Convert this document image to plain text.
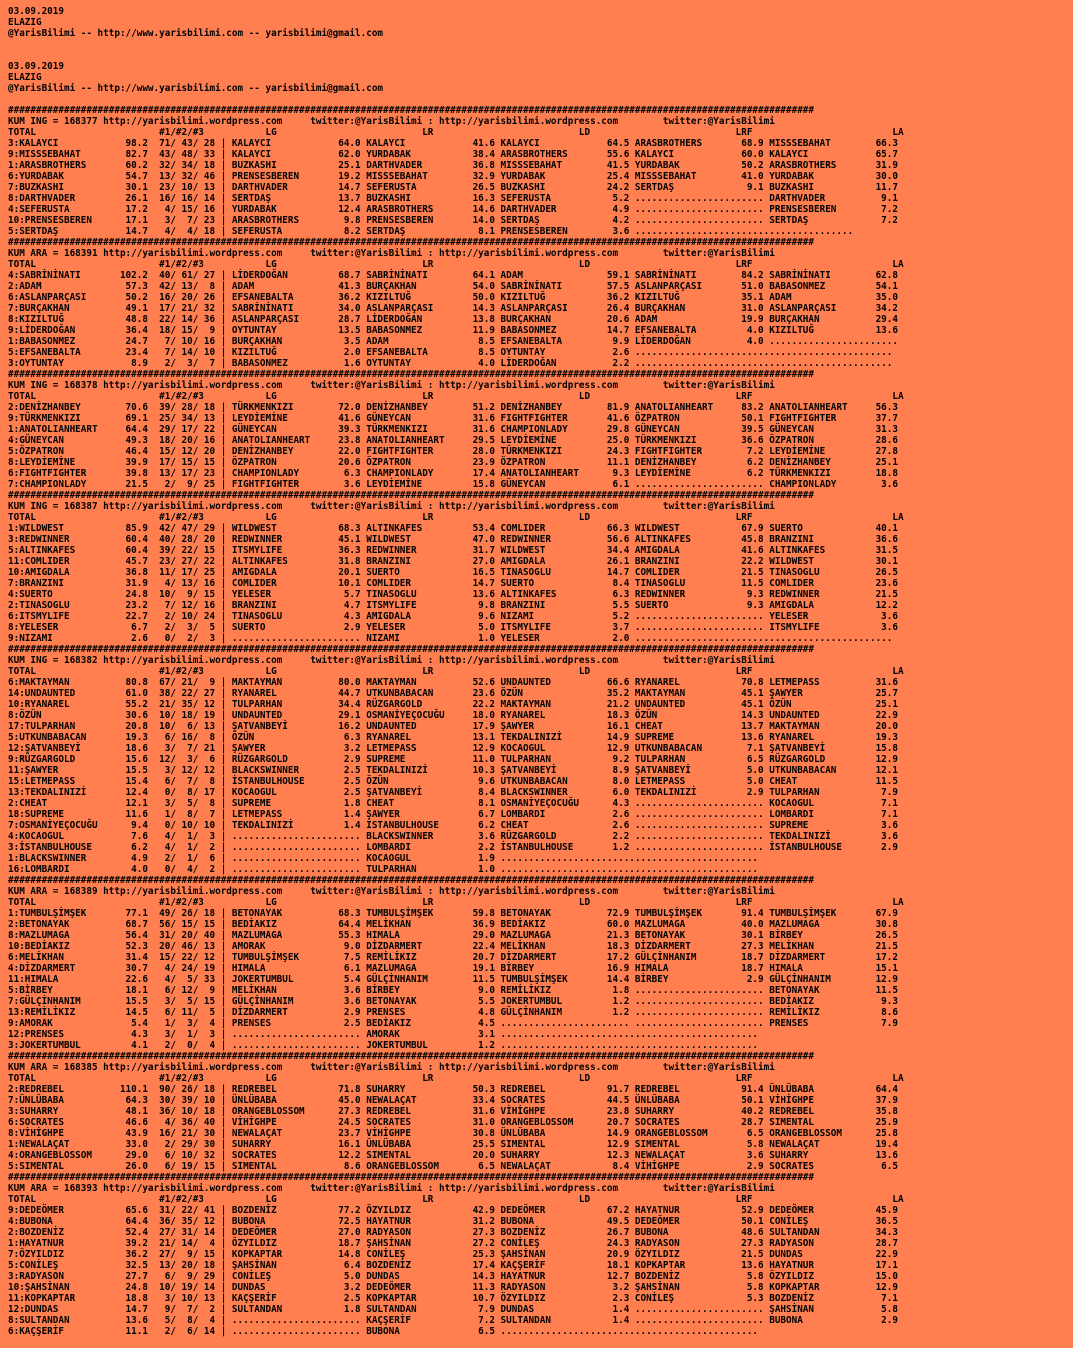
03.09.2019
ELAZIG
@YarisBilimi -- http://www.yarisbilimi.com -- yarisbilimi@gmail.com

03.09.2019
ELAZIG
@YarisBilimi -- http://www.yarisbilimi.com -- yarisbilimi@gmail.com

################################################################################################################################################
KUM ING = 168377 http://yarisbilimi.wordpress.com     twitter:@YarisBilimi : http://yarisbilimi.wordpress.com        twitter:@YarisBilimi
TOTAL                      #1/#2/#3           LG                          LR                          LD                          LRF                         LA
3:KALAYCI            98.2  71/ 43/ 28 | KALAYCI            64.0 KALAYCI            41.6 KALAYCI            64.5 ARASBROTHERS       68.9 MISSSEBAHAT        66.3
9:MISSSEBAHAT        82.7  43/ 48/ 33 | KALAYCI            62.0 YURDABAK           38.4 ARASBROTHERS       55.6 KALAYCI            60.0 KALAYCI            65.7
1:ARASBROTHERS       60.2  32/ 34/ 18 | BUZKASHI           25.1 DARTHVADER         36.8 MISSSEBAHAT        41.5 YURDABAK           50.2 ARASBROTHERS       31.9
6:YURDABAK           54.7  13/ 32/ 46 | PRENSESBEREN       19.2 MISSSEBAHAT        32.9 YURDABAK           25.4 MISSSEBAHAT        41.0 YURDABAK           30.0
7:BUZKASHI           30.1  23/ 10/ 13 | DARTHVADER         14.7 SEFERUSTA          26.5 BUZKASHI           24.2 SERTDAŞ             9.1 BUZKASHI           11.7
8:DARTHVADER         26.1  16/ 16/ 14 | SERTDAŞ            13.7 BUZKASHI           16.3 SEFERUSTA           5.2 ....................... DARTHVADER          9.1
4:SEFERUSTA          17.2   4/ 15/ 16 | YURDABAK           12.4 ARASBROTHERS       14.6 DARTHVADER          4.9 ....................... PRENSESBEREN        7.2
10:PRENSESBEREN      17.1   3/  7/ 23 | ARASBROTHERS        9.8 PRENSESBEREN       14.0 SERTDAŞ             4.2 ....................... SERTDAŞ             7.2
5:SERTDAŞ            14.7   4/  4/ 18 | SEFERUSTA           8.2 SERTDAŞ             8.1 PRENSESBEREN        3.6 .......................................
################################################################################################################################################
KUM ARA = 168391 http://yarisbilimi.wordpress.com     twitter:@YarisBilimi : http://yarisbilimi.wordpress.com        twitter:@YarisBilimi
TOTAL                      #1/#2/#3           LG                          LR                          LD                          LRF                         LA
4:SABRİNİNATI       102.2  40/ 61/ 27 | LİDERDOĞAN         68.7 SABRİNİNATI        64.1 ADAM               59.1 SABRİNİNATI        84.2 SABRİNİNATI        62.8
2:ADAM               57.3  42/ 13/  8 | ADAM               41.3 BURÇAKHAN          54.0 SABRİNİNATI        57.5 ASLANPARÇASI       51.0 BABASONMEZ         54.1
6:ASLANPARÇASI       50.2  16/ 20/ 26 | EFSANEBALTA        36.2 KIZILTUĞ           50.0 KIZILTUĞ           36.2 KIZILTUĞ           35.1 ADAM               35.0
7:BURÇAKHAN          49.1  17/ 21/ 32 | SABRİNİNATI        34.0 ASLANPARÇASI       14.3 ASLANPARÇASI       26.4 BURÇAKHAN          31.0 ASLANPARÇASI       34.2
8:KIZILTUĞ           48.8  22/ 14/ 36 | ASLANPARÇASI       28.7 LİDERDOĞAN         13.8 BURÇAKHAN          20.6 ADAM               19.9 BURÇAKHAN          29.4
9:LİDERDOĞAN         36.4  18/ 15/  9 | OYTUNTAY           13.5 BABASONMEZ         11.9 BABASONMEZ         14.7 EFSANEBALTA         4.0 KIZILTUĞ           13.6
1:BABASONMEZ         24.7   7/ 10/ 16 | BURÇAKHAN           3.5 ADAM                8.5 EFSANEBALTA         9.9 LİDERDOĞAN          4.0 .......................
5:EFSANEBALTA        23.4   7/ 14/ 10 | KIZILTUĞ            2.0 EFSANEBALTA         8.5 OYTUNTAY            2.6 ..............................................
3:OYTUNTAY            8.9   2/  3/  7 | BABASONMEZ          1.6 OYTUNTAY            4.0 LİDERDOĞAN          2.2 ..............................................
################################################################################################################################################
KUM ING = 168378 http://yarisbilimi.wordpress.com     twitter:@YarisBilimi : http://yarisbilimi.wordpress.com        twitter:@YarisBilimi
TOTAL                      #1/#2/#3           LG                          LR                          LD                          LRF                         LA
2:DENİZHANBEY        70.6  39/ 28/ 18 | TÜRKMENKIZI        72.0 DENİZHANBEY        51.2 DENİZHANBEY        81.9 ANATOLIANHEART     83.2 ANATOLIANHEART     56.3
9:TÜRKMENKIZI        69.1  25/ 34/ 13 | LEYDİEMİNE         41.6 GÜNEYCAN           31.6 FIGHTFIGHTER       41.6 ÖZPATRON           50.1 FIGHTFIGHTER       37.7
1:ANATOLIANHEART     64.4  29/ 17/ 22 | GÜNEYCAN           39.3 TÜRKMENKIZI        31.6 CHAMPIONLADY       29.8 GÜNEYCAN           39.5 GÜNEYCAN           31.3
4:GÜNEYCAN           49.3  18/ 20/ 16 | ANATOLIANHEART     23.8 ANATOLIANHEART     29.5 LEYDİEMİNE         25.0 TÜRKMENKIZI        36.6 ÖZPATRON           28.6
5:ÖZPATRON           46.4  15/ 12/ 20 | DENİZHANBEY        22.0 FIGHTFIGHTER       28.0 TÜRKMENKIZI        24.3 FIGHTFIGHTER        7.2 LEYDİEMİNE         27.8
8:LEYDİEMİNE         39.9  17/ 15/ 15 | ÖZPATRON           20.6 ÖZPATRON           23.9 ÖZPATRON           11.1 DENİZHANBEY         6.2 DENİZHANBEY        25.1
6:FIGHTFIGHTER       39.8  13/ 17/ 23 | CHAMPIONLADY        6.3 CHAMPIONLADY       17.4 ANATOLIANHEART      9.3 LEYDİEMİNE          6.2 TÜRKMENKIZI        18.8
7:CHAMPIONLADY       21.5   2/  9/ 25 | FIGHTFIGHTER        3.6 LEYDİEMİNE         15.8 GÜNEYCAN            6.1 ....................... CHAMPIONLADY        3.6
################################################################################################################################################
KUM ING = 168387 http://yarisbilimi.wordpress.com     twitter:@YarisBilimi : http://yarisbilimi.wordpress.com        twitter:@YarisBilimi
TOTAL                      #1/#2/#3           LG                          LR                          LD                          LRF                         LA
1:WILDWEST           85.9  42/ 47/ 29 | WILDWEST           68.3 ALTINKAFES         53.4 COMLIDER           66.3 WILDWEST           67.9 SUERTO             40.1
3:REDWINNER          60.4  40/ 28/ 20 | REDWINNER          45.1 WILDWEST           47.0 REDWINNER          56.6 ALTINKAFES         45.8 BRANZINI           36.6
5:ALTINKAFES         60.4  39/ 22/ 15 | ITSMYLIFE          36.3 REDWINNER          31.7 WILDWEST           34.4 AMIGDALA           41.6 ALTINKAFES         31.5
11:COMLIDER          45.7  23/ 27/ 22 | ALTINKAFES         31.8 BRANZINI           27.0 AMIGDALA           26.1 BRANZINI           22.2 WILDWEST           30.1
10:AMIGDALA          36.8  11/ 17/ 25 | AMIGDALA           20.1 SUERTO             16.5 TINASOGLU          14.7 COMLIDER           21.5 TINASOGLU          26.5
7:BRANZINI           31.9   4/ 13/ 16 | COMLIDER           10.1 COMLIDER           14.7 SUERTO              8.4 TINASOGLU          11.5 COMLIDER           23.6
4:SUERTO             24.8  10/  9/ 15 | YELESER             5.7 TINASOGLU          13.6 ALTINKAFES          6.3 REDWINNER           9.3 REDWINNER          21.5
2:TINASOGLU          23.2   7/ 12/ 16 | BRANZINI            4.7 ITSMYLIFE           9.8 BRANZINI            5.5 SUERTO              9.3 AMIGDALA           12.2
6:ITSMYLIFE          22.7   2/ 10/ 24 | TINASOGLU           4.3 AMIGDALA            9.6 NIZAMI              5.2 ....................... YELESER             3.6
8:YELESER             6.7   2/  3/  5 | SUERTO              2.9 YELESER             5.0 ITSMYLIFE           3.7 ....................... ITSMYLIFE           3.6
9:NIZAMI              2.6   0/  2/  3 | ....................... NIZAMI              1.0 YELESER             2.0 ..............................................
################################################################################################################################################
KUM ING = 168382 http://yarisbilimi.wordpress.com     twitter:@YarisBilimi : http://yarisbilimi.wordpress.com        twitter:@YarisBilimi
TOTAL                      #1/#2/#3           LG                          LR                          LD                          LRF                         LA
6:MAKTAYMAN          80.8  67/ 21/  9 | MAKTAYMAN          80.0 MAKTAYMAN          52.6 UNDAUNTED          66.6 RYANAREL           70.8 LETMEPASS          31.6
14:UNDAUNTED         61.0  38/ 22/ 27 | RYANAREL           44.7 UTKUNBABACAN       23.6 ÖZÜN               35.2 MAKTAYMAN          45.1 ŞAWYER             25.7
10:RYANAREL          55.2  21/ 35/ 12 | TULPARHAN          34.4 RÜZGARGOLD         22.2 MAKTAYMAN          21.2 UNDAUNTED          45.1 ÖZÜN               25.1
8:ÖZÜN               30.6  10/ 18/ 19 | UNDAUNTED          29.1 OSMANİYEÇOCUĞU     18.0 RYANAREL           18.3 ÖZÜN               14.3 UNDAUNTED          22.9
17:TULPARHAN         20.8  10/  6/ 13 | ŞATVANBEYİ         16.2 UNDAUNTED          17.9 ŞAWYER             16.1 CHEAT              13.7 MAKTAYMAN          20.0
5:UTKUNBABACAN       19.3   6/ 16/  8 | ÖZÜN                6.3 RYANAREL           13.1 TEKDALINIZİ        14.9 SUPREME            13.6 RYANAREL           19.3
12:ŞATVANBEYİ        18.6   3/  7/ 21 | ŞAWYER              3.2 LETMEPASS          12.9 KOCAOGUL           12.9 UTKUNBABACAN        7.1 ŞATVANBEYİ         15.8
9:RÜZGARGOLD         15.6  12/  3/  6 | RÜZGARGOLD          2.9 SUPREME            11.0 TULPARHAN           9.2 TULPARHAN           6.5 RÜZGARGOLD         12.9
11:ŞAWYER            15.5   3/ 12/ 12 | BLACKSWINNER        2.5 TEKDALINIZİ        10.3 ŞATVANBEYİ          8.9 ŞATVANBEYİ          5.0 UTKUNBABACAN       12.1
15:LETMEPASS         15.4   6/  7/  8 | İSTANBULHOUSE       2.5 ÖZÜN                9.6 UTKUNBABACAN        8.0 LETMEPASS           5.0 CHEAT              11.5
13:TEKDALINIZİ       12.4   0/  8/ 17 | KOCAOGUL            2.5 ŞATVANBEYİ          8.4 BLACKSWINNER        6.0 TEKDALINIZİ         2.9 TULPARHAN           7.9
2:CHEAT              12.1   3/  5/  8 | SUPREME             1.8 CHEAT               8.1 OSMANİYEÇOCUĞU      4.3 ....................... KOCAOGUL            7.1
18:SUPREME           11.6   1/  8/  7 | LETMEPASS           1.4 ŞAWYER              6.7 LOMBARDI            2.6 ....................... LOMBARDI            7.1
7:OSMANİYEÇOCUĞU      9.4   0/ 10/ 10 | TEKDALINIZİ         1.4 İSTANBULHOUSE       6.2 CHEAT               2.6 ....................... SUPREME             3.6
4:KOCAOGUL            7.6   4/  1/  3 | ....................... BLACKSWINNER        3.6 RÜZGARGOLD          2.2 ....................... TEKDALINIZİ         3.6
3:İSTANBULHOUSE       6.2   4/  1/  2 | ....................... LOMBARDI            2.2 İSTANBULHOUSE       1.2 ....................... İSTANBULHOUSE       2.9
1:BLACKSWINNER        4.9   2/  1/  6 | ....................... KOCAOGUL            1.9 ..............................................
16:LOMBARDI           4.0   0/  4/  2 | ....................... TULPARHAN           1.0 ..............................................
################################################################################################################################################
KUM ARA = 168389 http://yarisbilimi.wordpress.com     twitter:@YarisBilimi : http://yarisbilimi.wordpress.com        twitter:@YarisBilimi
TOTAL                      #1/#2/#3           LG                          LR                          LD                          LRF                         LA
1:TUMBULŞİMŞEK       77.1  49/ 26/ 18 | BETONAYAK          68.3 TUMBULŞİMŞEK       59.8 BETONAYAK          72.9 TUMBULŞİMŞEK       91.4 TUMBULŞİMŞEK       67.9
2:BETONAYAK          68.7  56/ 15/ 15 | BEDİAKIZ           64.4 MELİKHAN           36.9 BEDİAKIZ           60.0 MAZLUMAGA          40.0 MAZLUMAGA          30.8
8:MAZLUMAGA          56.4  31/ 20/ 40 | MAZLUMAGA          55.3 HIMALA             29.0 MAZLUMAGA          21.3 BETONAYAK          30.1 BİRBEY             26.5
10:BEDİAKIZ          52.3  20/ 46/ 13 | AMORAK              9.0 DİZDARMERT         22.4 MELİKHAN           18.3 DİZDARMERT         27.3 MELİKHAN           21.5
6:MELİKHAN           31.4  15/ 22/ 12 | TUMBULŞİMŞEK        7.5 REMİLİKIZ          20.7 DİZDARMERT         17.2 GÜLÇİNHANIM        18.7 DİZDARMERT         17.2
4:DİZDARMERT         30.7   4/ 24/ 19 | HIMALA              6.1 MAZLUMAGA          19.1 BİRBEY             16.9 HIMALA             18.7 HIMALA             15.1
11:HIMALA            22.6   4/  5/ 33 | JOKERTUMBUL         5.4 GÜLÇİNHANIM        11.5 TUMBULŞİMŞEK       14.4 BİRBEY              2.9 GÜLÇİNHANIM        12.9
5:BİRBEY             18.1   6/ 12/  9 | MELİKHAN            3.6 BİRBEY              9.0 REMİLİKIZ           1.8 ....................... BETONAYAK          11.5
7:GÜLÇİNHANIM        15.5   3/  5/ 15 | GÜLÇİNHANIM         3.6 BETONAYAK           5.5 JOKERTUMBUL         1.2 ....................... BEDİAKIZ            9.3
13:REMİLİKIZ         14.5   6/ 11/  5 | DİZDARMERT          2.9 PRENSES             4.8 GÜLÇİNHANIM         1.2 ....................... REMİLİKIZ           8.6
9:AMORAK              5.4   1/  3/  4 | PRENSES             2.5 BEDİAKIZ            4.5 ....................... ....................... PRENSES             7.9
12:PRENSES            4.3   3/  1/  3 | ....................... AMORAK              3.1 ..............................................
3:JOKERTUMBUL         4.1   2/  0/  4 | ....................... JOKERTUMBUL         1.2 ..............................................
################################################################################################################################################
KUM ARA = 168385 http://yarisbilimi.wordpress.com     twitter:@YarisBilimi : http://yarisbilimi.wordpress.com        twitter:@YarisBilimi
TOTAL                      #1/#2/#3           LG                          LR                          LD                          LRF                         LA
2:REDREBEL          110.1  90/ 26/ 18 | REDREBEL           71.8 SUHARRY            50.3 REDREBEL           91.7 REDREBEL           91.4 ÜNLÜBABA           64.4
7:ÜNLÜBABA           64.3  30/ 39/ 10 | ÜNLÜBABA           45.0 NEWALAÇAT          33.4 SOCRATES           44.5 ÜNLÜBABA           50.1 VİHİGHPE           37.9
3:SUHARRY            48.1  36/ 10/ 18 | ORANGEBLOSSOM      27.3 REDREBEL           31.6 VİHİGHPE           23.8 SUHARRY            40.2 REDREBEL           35.8
6:SOCRATES           46.6   4/ 36/ 40 | VİHİGHPE           24.5 SOCRATES           31.0 ORANGEBLOSSOM      20.7 SOCRATES           28.7 SIMENTAL           25.9
8:VİHİGHPE           43.9  16/ 21/ 30 | NEWALAÇAT          23.7 VİHİGHPE           30.8 ÜNLÜBABA           14.9 ORANGEBLOSSOM       6.5 ORANGEBLOSSOM      25.8
1:NEWALAÇAT          33.0   2/ 29/ 30 | SUHARRY            16.1 ÜNLÜBABA           25.5 SIMENTAL           12.9 SIMENTAL            5.8 NEWALAÇAT          19.4
4:ORANGEBLOSSOM      29.0   6/ 10/ 32 | SOCRATES           12.2 SIMENTAL           20.0 SUHARRY            12.3 NEWALAÇAT           3.6 SUHARRY            13.6
5:SIMENTAL           26.0   6/ 19/ 15 | SIMENTAL            8.6 ORANGEBLOSSOM       6.5 NEWALAÇAT           8.4 VİHİGHPE            2.9 SOCRATES            6.5
################################################################################################################################################
KUM ARA = 168393 http://yarisbilimi.wordpress.com     twitter:@YarisBilimi : http://yarisbilimi.wordpress.com        twitter:@YarisBilimi
TOTAL                      #1/#2/#3           LG                          LR                          LD                          LRF                         LA
9:DEDEÖMER           65.6  31/ 22/ 41 | BOZDENİZ           77.2 ÖZYILDIZ           42.9 DEDEÖMER           67.2 HAYATNUR           52.9 DEDEÖMER           45.9
4:BUBONA             64.4  36/ 35/ 12 | BUBONA             72.5 HAYATNUR           31.2 BUBONA             49.5 DEDEÖMER           50.1 CONİLEŞ            36.5
2:BOZDENİZ           52.4  27/ 31/ 14 | DEDEÖMER           27.0 RADYASON           27.3 BOZDENİZ           26.7 BUBONA             48.6 SULTANDAN          34.3
1:HAYATNUR           39.2  21/ 14/  4 | ÖZYILDIZ           18.7 ŞAHSİNAN           27.2 CONİLEŞ            24.3 RADYASON           27.3 RADYASON           28.7
7:ÖZYILDIZ           36.2  27/  9/ 15 | KOPKAPTAR          14.8 CONİLEŞ            25.3 ŞAHSİNAN           20.9 ÖZYILDIZ           21.5 DUNDAS             22.9
5:CONİLEŞ            32.5  13/ 20/ 18 | ŞAHSİNAN            6.4 BOZDENİZ           17.4 KAÇŞERİF           18.1 KOPKAPTAR          13.6 HAYATNUR           17.1
3:RADYASON           27.7   6/  9/ 29 | CONİLEŞ             5.0 DUNDAS             14.3 HAYATNUR           12.7 BOZDENİZ            5.8 ÖZYILDIZ           15.0
10:ŞAHSİNAN          24.8  10/ 19/ 14 | DUNDAS              3.2 DEDEÖMER           11.3 RADYASON            3.2 ŞAHSİNAN            5.8 KOPKAPTAR          12.9
11:KOPKAPTAR         18.8   3/ 10/ 13 | KAÇŞERİF            2.5 KOPKAPTAR          10.7 ÖZYILDIZ            2.3 CONİLEŞ             5.3 BOZDENİZ            7.1
12:DUNDAS            14.7   9/  7/  2 | SULTANDAN           1.8 SULTANDAN           7.9 DUNDAS              1.4 ....................... ŞAHSİNAN            5.8
8:SULTANDAN          13.6   5/  8/  4 | ....................... KAÇŞERİF            7.2 SULTANDAN           1.4 ....................... BUBONA              2.9
6:KAÇŞERİF           11.1   2/  6/ 14 | ....................... BUBONA              6.5 ..............................................
